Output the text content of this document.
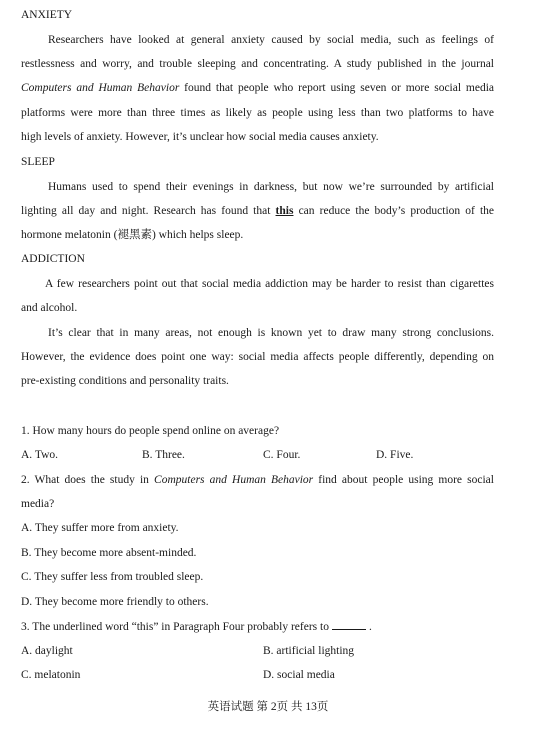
ANXIETY
Researchers have looked at general anxiety caused by social media, such as feelings of
restlessness and worry, and trouble sleeping and concentrating. A study published in the journal
Computers and Human Behavior found that people who report using seven or more social media
platforms were more than three times as likely as people using less than two platforms to have
high levels of anxiety. However, it’s unclear how social media causes anxiety.
SLEEP
Humans used to spend their evenings in darkness, but now we’re surrounded by artificial
lighting all day and night. Research has found that this can reduce the body’s production of the
hormone melatonin (褪黑素) which helps sleep.
ADDICTION
A few researchers point out that social media addiction may be harder to resist than cigarettes
and alcohol.
It’s clear that in many areas, not enough is known yet to draw many strong conclusions.
However, the evidence does point one way: social media affects people differently, depending on
pre-existing conditions and personality traits.
1. How many hours do people spend online on average?
A. Two.	B. Three.	C. Four.	D. Five.
2. What does the study in Computers and Human Behavior find about people using more social
media?
A. They suffer more from anxiety.
B. They become more absent-minded.
C. They suffer less from troubled sleep.
D. They become more friendly to others.
3. The underlined word “this” in Paragraph Four probably refers to	.
A. daylight	B. artificial lighting
C. melatonin	D. social media
英语试题 第 2页 共 13页
